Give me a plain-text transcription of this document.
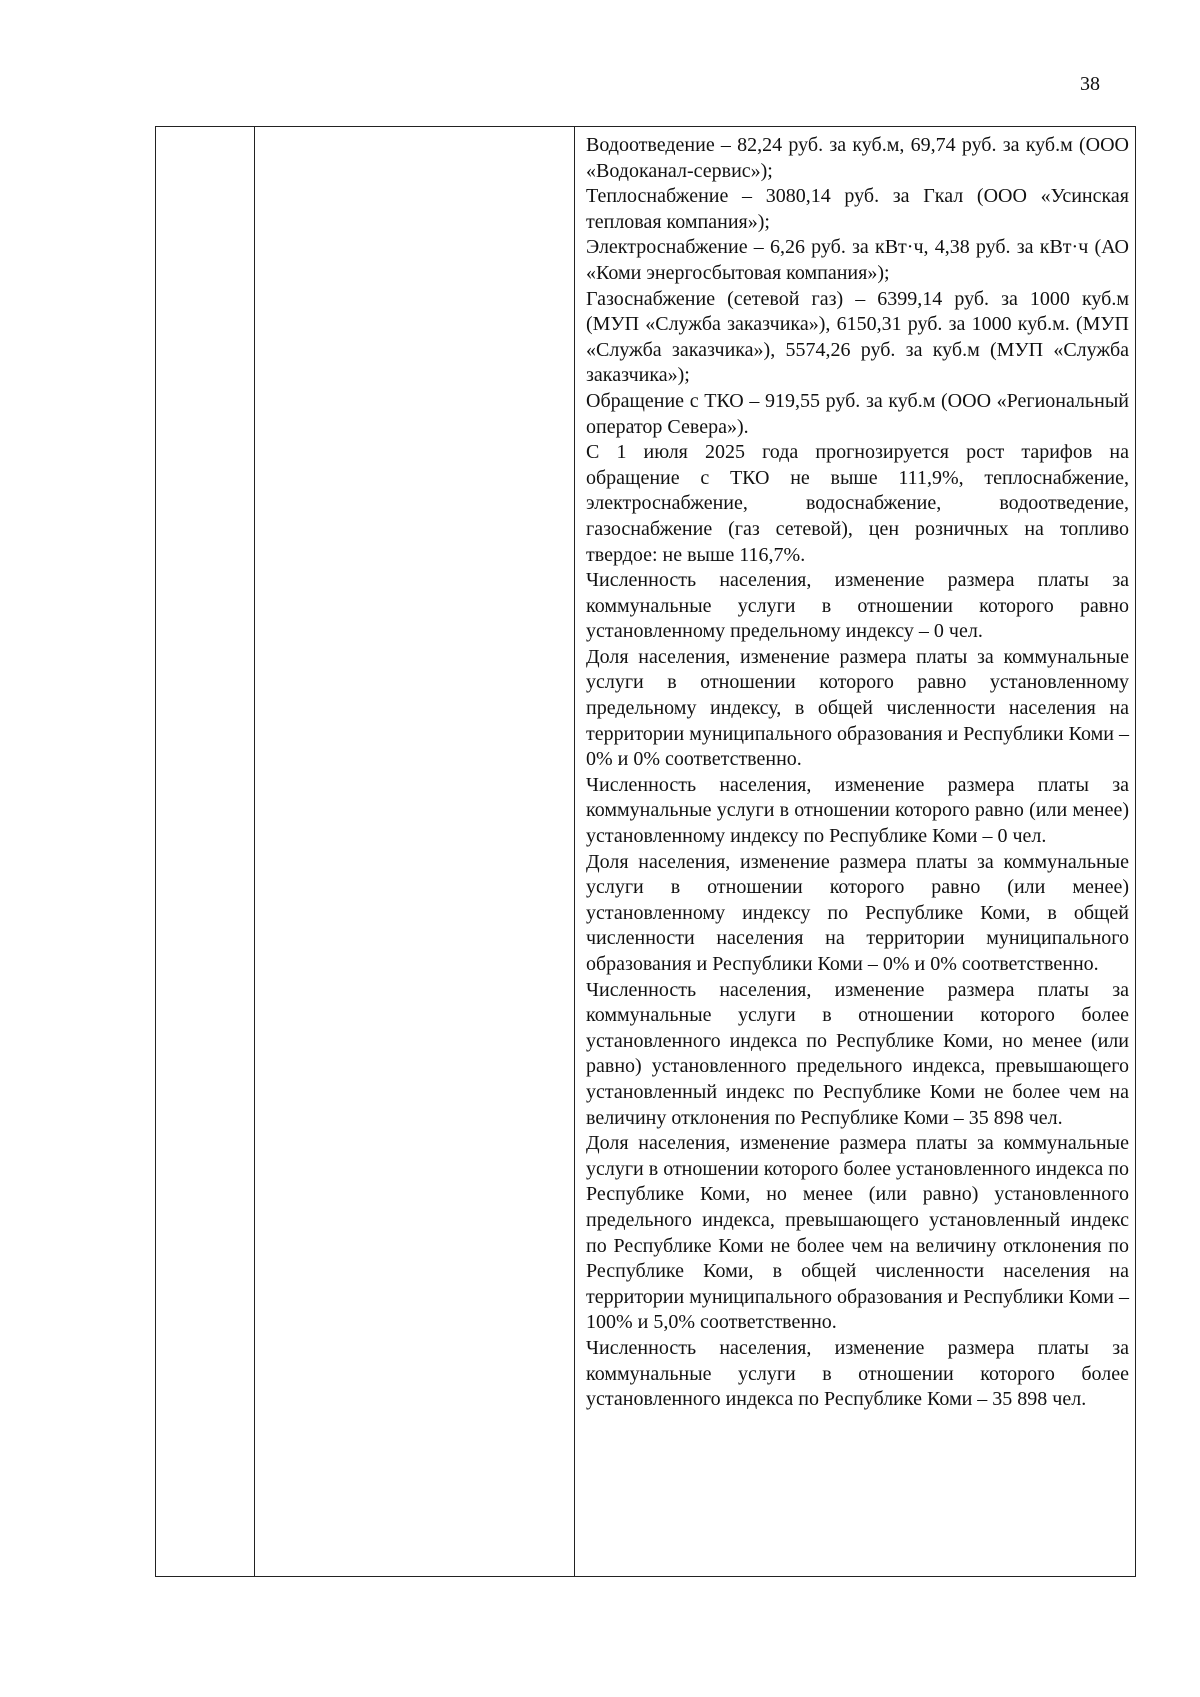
38

Водоотведение – 82,24 руб. за куб.м, 69,74 руб. за куб.м (ООО «Водоканал-сервис»);

Теплоснабжение – 3080,14 руб. за Гкал (ООО «Усинская тепловая компания»);

Электроснабжение – 6,26 руб. за кВт·ч, 4,38 руб. за кВт·ч (АО «Коми энергосбытовая компания»);

Газоснабжение (сетевой газ) – 6399,14 руб. за 1000 куб.м (МУП «Служба заказчика»), 6150,31 руб. за 1000 куб.м. (МУП «Служба заказчика»), 5574,26 руб. за куб.м (МУП «Служба заказчика»);

Обращение с ТКО – 919,55 руб. за куб.м (ООО «Региональный оператор Севера»).

С 1 июля 2025 года прогнозируется рост тарифов на обращение с ТКО не выше 111,9%, теплоснабжение, электроснабжение, водоснабжение, водоотведение, газоснабжение (газ сетевой), цен розничных на топливо твердое: не выше 116,7%.

Численность населения, изменение размера платы за коммунальные услуги в отношении которого равно установленному предельному индексу – 0 чел.

Доля населения, изменение размера платы за коммунальные услуги в отношении которого равно установленному предельному индексу, в общей численности населения на территории муниципального образования и Республики Коми – 0% и 0% соответственно.

Численность населения, изменение размера платы за коммунальные услуги в отношении которого равно (или менее) установленному индексу по Республике Коми – 0 чел.

Доля населения, изменение размера платы за коммунальные услуги в отношении которого равно (или менее) установленному индексу по Республике Коми, в общей численности населения на территории муниципального образования и Республики Коми – 0% и 0% соответственно.

Численность населения, изменение размера платы за коммунальные услуги в отношении которого более установленного индекса по Республике Коми, но менее (или равно) установленного предельного индекса, превышающего установленный индекс по Республике Коми не более чем на величину отклонения по Республике Коми – 35 898 чел.

Доля населения, изменение размера платы за коммунальные услуги в отношении которого более установленного индекса по Республике Коми, но менее (или равно) установленного предельного индекса, превышающего установленный индекс по Республике Коми не более чем на величину отклонения по Республике Коми, в общей численности населения на территории муниципального образования и Республики Коми – 100% и 5,0% соответственно.

Численность населения, изменение размера платы за коммунальные услуги в отношении которого более установленного индекса по Республике Коми – 35 898 чел.
